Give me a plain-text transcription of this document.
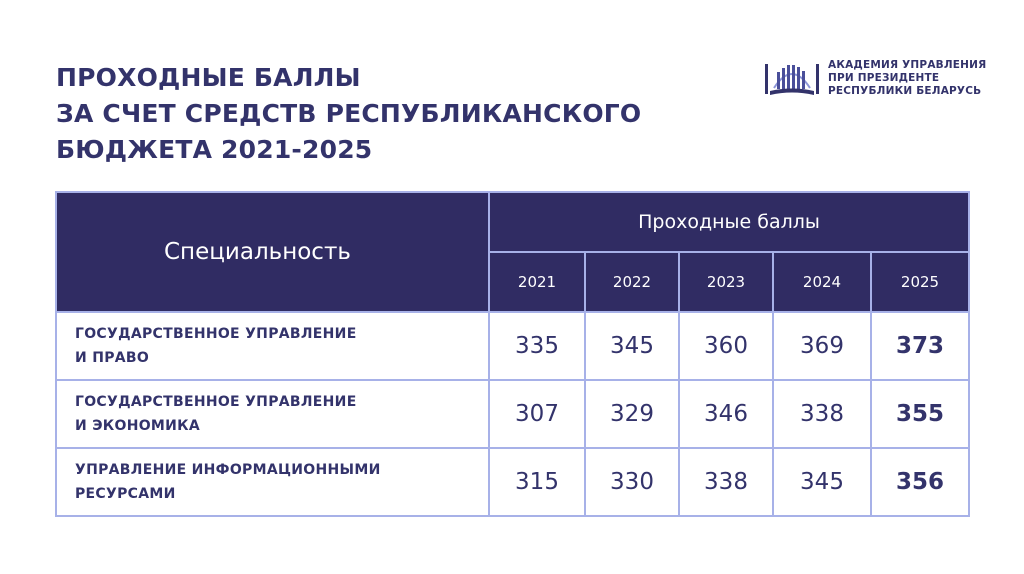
ПРОХОДНЫЕ БАЛЛЫ
ЗА СЧЕТ СРЕДСТВ РЕСПУБЛИКАНСКОГО
БЮДЖЕТА 2021-2025
АКАДЕМИЯ УПРАВЛЕНИЯ
ПРИ ПРЕЗИДЕНТЕ
РЕСПУБЛИКИ БЕЛАРУСЬ
Специальность	Проходные баллы				
	2021	2022	2023	2024	2025

ГОСУДАРСТВЕННОЕ УПРАВЛЕНИЕ
И ПРАВО	335	345	360	369	373

ГОСУДАРСТВЕННОЕ УПРАВЛЕНИЕ
И ЭКОНОМИКА	307	329	346	338	355

УПРАВЛЕНИЕ ИНФОРМАЦИОННЫМИ
РЕСУРСАМИ	315	330	338	345	356
